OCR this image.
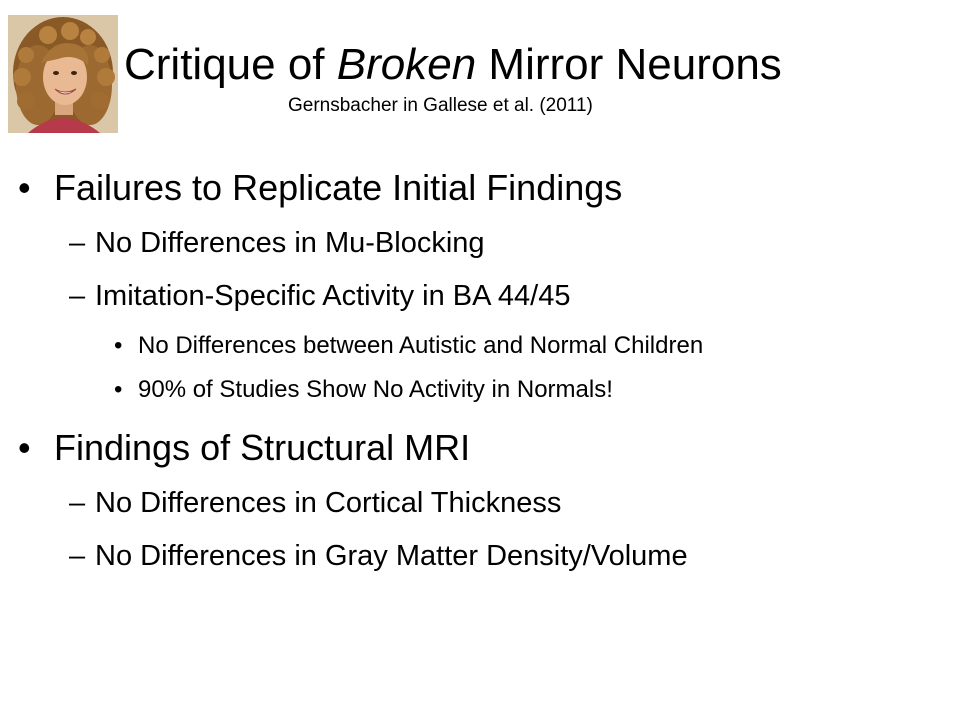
Critique of Broken Mirror Neurons
Gernsbacher in Gallese et al. (2011)
• Failures to Replicate Initial Findings
– No Differences in Mu-Blocking
– Imitation-Specific Activity in BA 44/45
• No Differences between Autistic and Normal Children
• 90% of Studies Show No Activity in Normals!
• Findings of Structural MRI
– No Differences in Cortical Thickness
– No Differences in Gray Matter Density/Volume
